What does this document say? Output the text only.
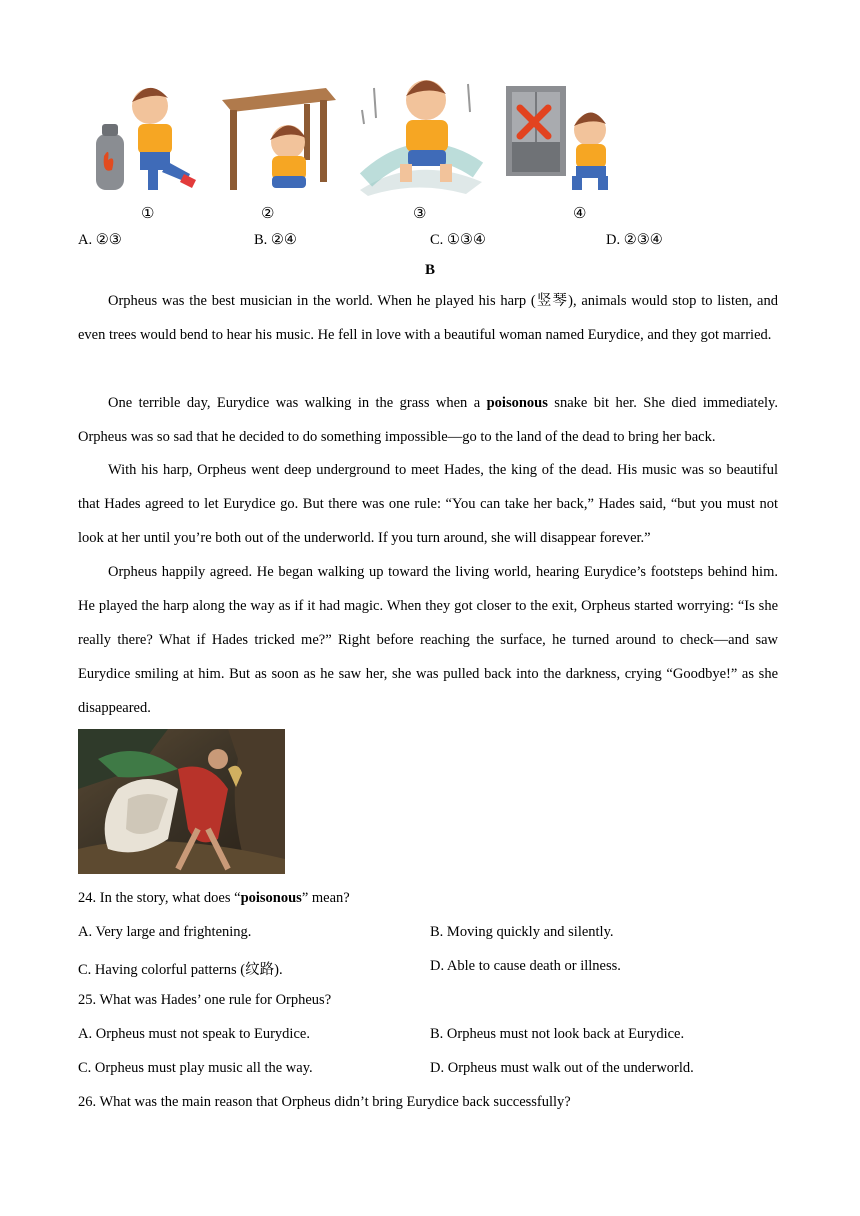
①	②	③	④
A. ②③	B. ②④	C. ①③④	D. ②③④
B
Orpheus was the best musician in the world. When he played his harp (竖琴), animals would stop to listen, and even trees would bend to hear his music. He fell in love with a beautiful woman named Eurydice, and they got married.
One terrible day, Eurydice was walking in the grass when a poisonous snake bit her. She died immediately. Orpheus was so sad that he decided to do something impossible—go to the land of the dead to bring her back.
With his harp, Orpheus went deep underground to meet Hades, the king of the dead. His music was so beautiful that Hades agreed to let Eurydice go. But there was one rule: “You can take her back,” Hades said, “but you must not look at her until you’re both out of the underworld. If you turn around, she will disappear forever.”
Orpheus happily agreed. He began walking up toward the living world, hearing Eurydice’s footsteps behind him. He played the harp along the way as if it had magic. When they got closer to the exit, Orpheus started worrying: “Is she really there? What if Hades tricked me?” Right before reaching the surface, he turned around to check—and saw Eurydice smiling at him. But as soon as he saw her, she was pulled back into the darkness, crying “Goodbye!” as she disappeared.
24. In the story, what does “poisonous” mean?
A. Very large and frightening.	B. Moving quickly and silently.
C. Having colorful patterns (纹路).	D. Able to cause death or illness.
25. What was Hades’ one rule for Orpheus?
A. Orpheus must not speak to Eurydice.	B. Orpheus must not look back at Eurydice.
C. Orpheus must play music all the way.	D. Orpheus must walk out of the underworld.
26. What was the main reason that Orpheus didn’t bring Eurydice back successfully?
